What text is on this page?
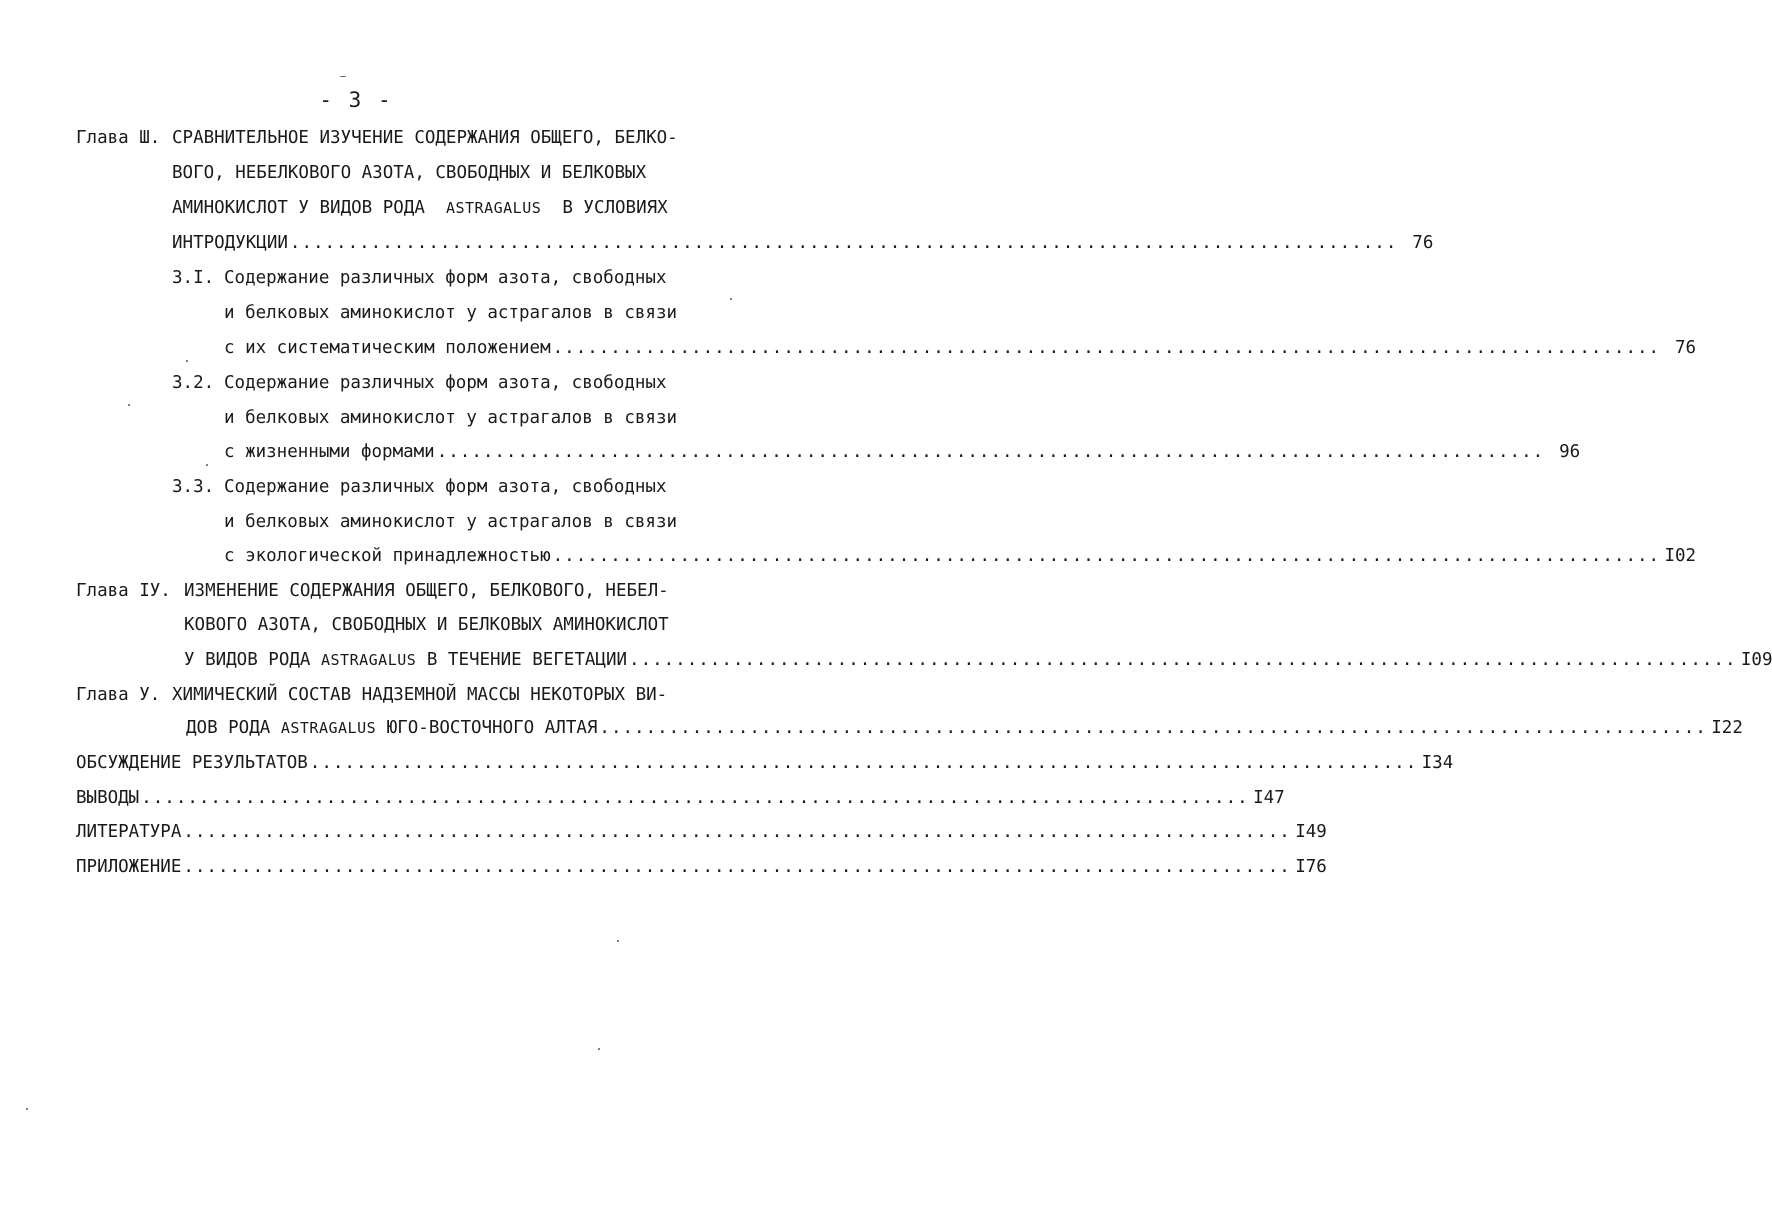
- 3 -
Глава Ш. СРАВНИТЕЛЬНОЕ ИЗУЧЕНИЕ СОДЕРЖАНИЯ ОБЩЕГО, БЕЛКО-
ВОГО, НЕБЕЛКОВОГО АЗОТА, СВОБОДНЫХ И БЕЛКОВЫХ
АМИНОКИСЛОТ У ВИДОВ РОДА ASTRAGALUS В УСЛОВИЯХ
ИНТРОДУКЦИИ ................................................................................................ 76
3.I. Содержание различных форм азота, свободных
и белковых аминокислот у астрагалов в связи
с их систематическим положением ................................................................................................ 76
3.2. Содержание различных форм азота, свободных
и белковых аминокислот у астрагалов в связи
с жизненными формами ................................................................................................ 96
3.3. Содержание различных форм азота, свободных
и белковых аминокислот у астрагалов в связи
с экологической принадлежностью ................................................................................................ I02
Глава IУ. ИЗМЕНЕНИЕ СОДЕРЖАНИЯ ОБЩЕГО, БЕЛКОВОГО, НЕБЕЛ-
КОВОГО АЗОТА, СВОБОДНЫХ И БЕЛКОВЫХ АМИНОКИСЛОТ
У ВИДОВ РОДА ASTRAGALUS В ТЕЧЕНИЕ ВЕГЕТАЦИИ ................................................................................................ I09
Глава У. ХИМИЧЕСКИЙ СОСТАВ НАДЗЕМНОЙ МАССЫ НЕКОТОРЫХ ВИ-
ДОВ РОДА ASTRAGALUS ЮГО-ВОСТОЧНОГО АЛТАЯ ................................................................................................ I22
ОБСУЖДЕНИЕ РЕЗУЛЬТАТОВ ................................................................................................ I34
ВЫВОДЫ ................................................................................................ I47
ЛИТЕРАТУРА ................................................................................................ I49
ПРИЛОЖЕНИЕ ................................................................................................ I76
